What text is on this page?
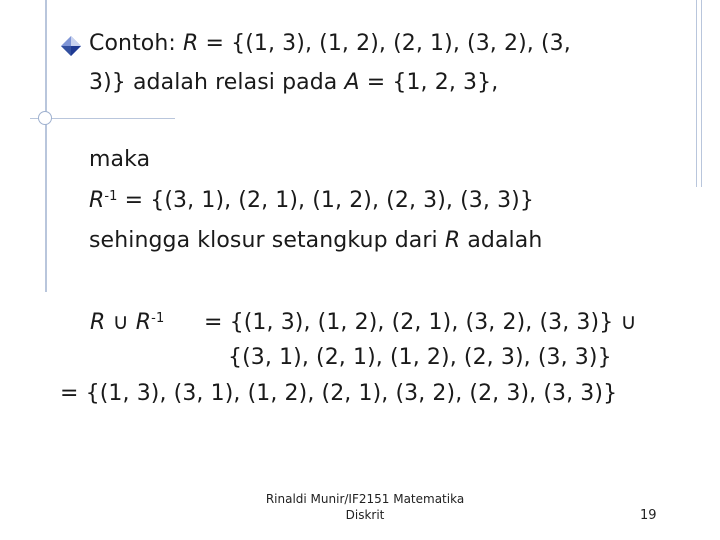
Contoh: R = {(1, 3), (1, 2), (2, 1), (3, 2), (3,
3)} adalah relasi pada A = {1, 2, 3},
maka
$R^{-1} = \{(3$, 1), (2, 1), (1, 2), (2, 3), (3, 3)}
sehingga klosur setangkup dari R adalah
R ∪ $R^{-1} = \{(1$, 3), (1, 2), (2, 1), (3, 2), (3, 3)} ∪
{(3, 1), (2, 1), (1, 2), (2, 3), (3, 3)}
= {(1, 3), (3, 1), (1, 2), (2, 1), (3, 2), (2, 3), (3, 3)}
Rinaldi Munir/IF2151 Matematika
Diskrit	19
